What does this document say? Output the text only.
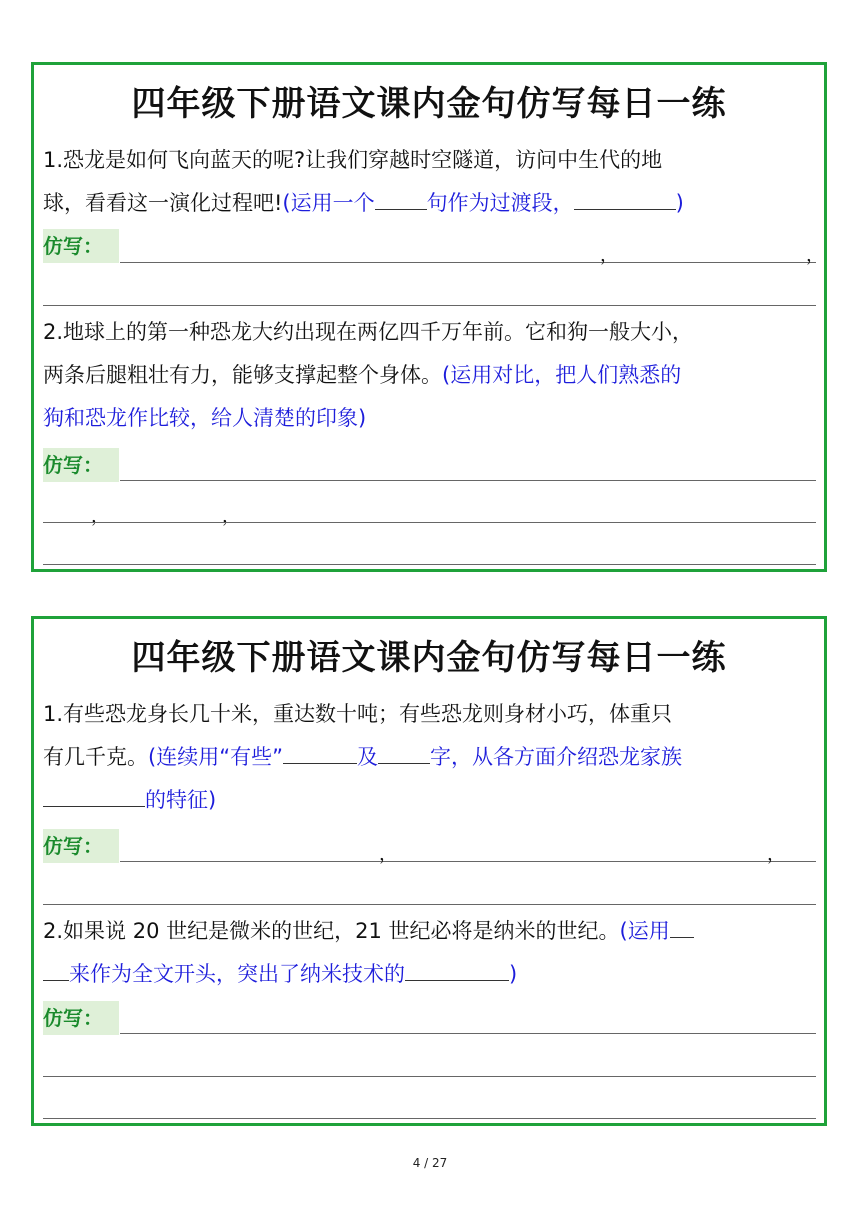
四年级下册语文课内金句仿写每日一练
1.恐龙是如何飞向蓝天的呢?让我们穿越时空隧道，访问中生代的地
球，看看这一演化过程吧!(运用一个 句作为过渡段，	)
仿写：	，	，
2.地球上的第一种恐龙大约出现在两亿四千万年前。它和狗一般大小，
两条后腿粗壮有力，能够支撑起整个身体。(运用对比，把人们熟悉的
狗和恐龙作比较，给人清楚的印象)
仿写：
，	，
四年级下册语文课内金句仿写每日一练
1.有些恐龙身长几十米，重达数十吨；有些恐龙则身材小巧，体重只
有几千克。(连续用“有些”	及 字，从各方面介绍恐龙家族
的特征)
仿写：	，	，
2.如果说 20 世纪是微米的世纪，21 世纪必将是纳米的世纪。(运用
来作为全文开头，突出了纳米技术的	)
仿写：
4 / 27
